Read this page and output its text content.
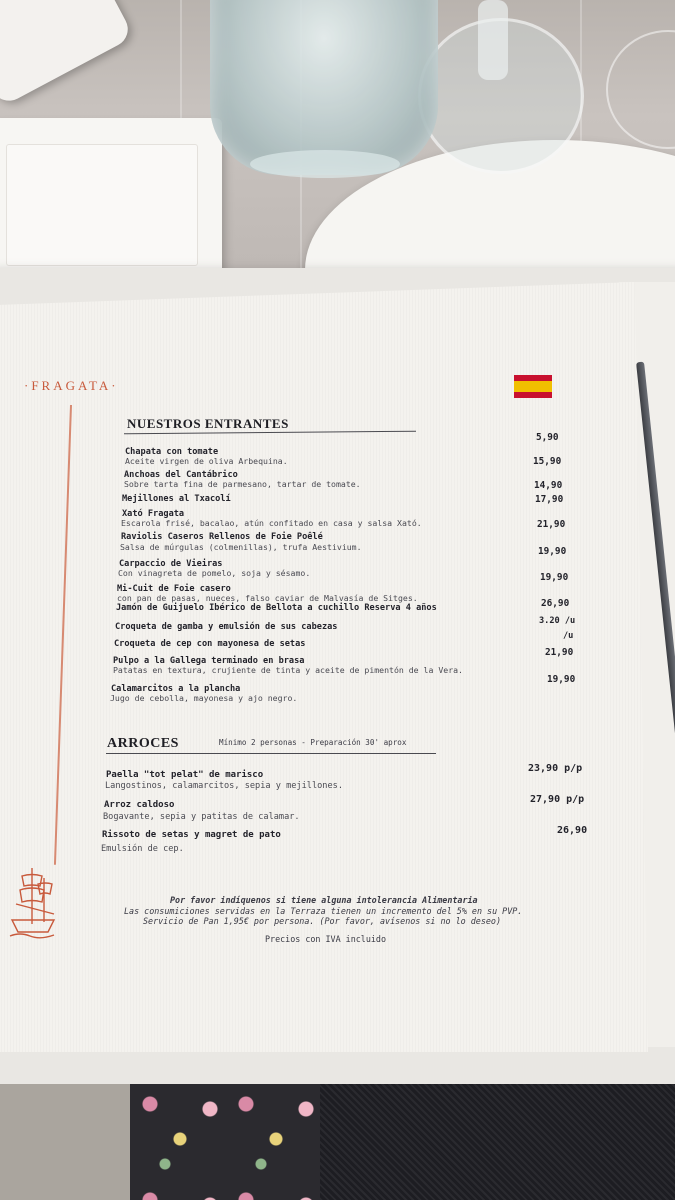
·FRAGATA·
NUESTROS ENTRANTES
Chapata con tomate
Aceite virgen de oliva Arbequina.
5,90
Anchoas del Cantábrico
Sobre tarta fina de parmesano, tartar de tomate.
15,90
Mejillones al Txacolí
14,90
Xató Fragata
Escarola frisé, bacalao, atún confitado en casa y salsa Xató.
17,90
Raviolis Caseros Rellenos de Foie Poêlé
Salsa de múrgulas (colmenillas), trufa Aestivium.
21,90
Carpaccio de Vieiras
Con vinagreta de pomelo, soja y sésamo.
19,90
Mi-Cuit de Foie casero
con pan de pasas, nueces, falso caviar de Malvasía de Sitges.
19,90
Jamón de Guijuelo Ibérico de Bellota a cuchillo Reserva 4 años	26,90
Croqueta de gamba y emulsión de sus cabezas
3.20 /u
Croqueta de cep con mayonesa de setas
/u
Pulpo a la Gallega terminado en brasa
Patatas en textura, crujiente de tinta y aceite de pimentón de la Vera.
21,90
Calamarcitos a la plancha
Jugo de cebolla, mayonesa y ajo negro.
19,90
ARROCES	Mínimo 2 personas - Preparación 30' aprox
Paella "tot pelat" de marisco
Langostinos, calamarcitos, sepia y mejillones.
23,90 p/p
Arroz caldoso
Bogavante, sepia y patitas de calamar.
27,90 p/p
Rissoto de setas y magret de pato
Emulsión de cep.
26,90
Por favor indíquenos si tiene alguna intolerancia Alimentaria
Las consumiciones servidas en la Terraza tienen un incremento del 5% en su PVP.
Servicio de Pan 1,95€ por persona. (Por favor, avísenos si no lo deseo)
Precios con IVA incluido
